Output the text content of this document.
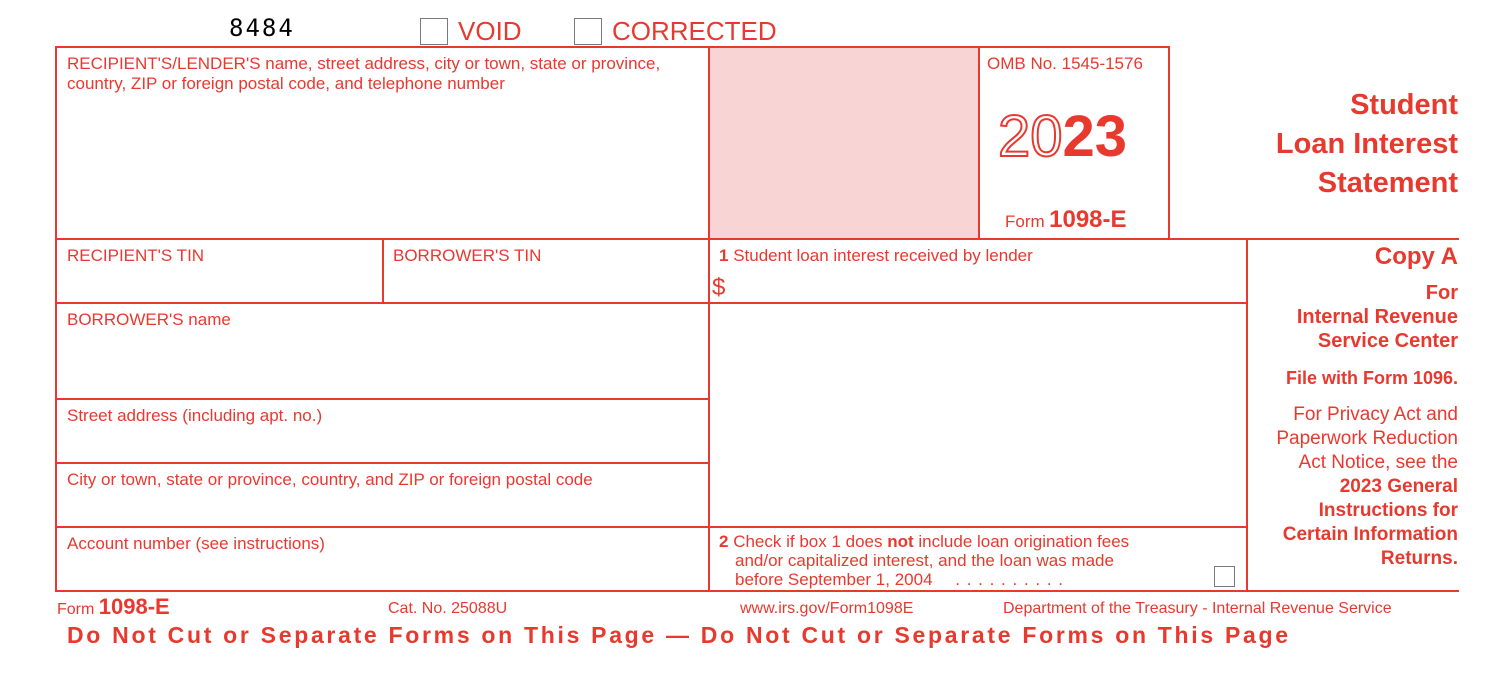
8484	VOID	CORRECTED
RECIPIENT'S/LENDER'S name, street address, city or town, state or province, country, ZIP or foreign postal code, and telephone number
OMB No. 1545-1576
2023
Form 1098-E
Student
Loan Interest
Statement
RECIPIENT'S TIN	BORROWER'S TIN	1 Student loan interest received by lender
$
BORROWER'S name
Street address (including apt. no.)
City or town, state or province, country, and ZIP or foreign postal code
Account number (see instructions)	2 Check if box 1 does not include loan origination fees
and/or capitalized interest, and the loan was made
before September 1, 2004 . . . . . . . . . .
Copy A
For
Internal Revenue
Service Center
File with Form 1096.
For Privacy Act and
Paperwork Reduction
Act Notice, see the
2023 General
Instructions for
Certain Information
Returns.
Form 1098-E	Cat. No. 25088U	www.irs.gov/Form1098E	Department of the Treasury - Internal Revenue Service
Do Not Cut or Separate Forms on This Page — Do Not Cut or Separate Forms on This Page
